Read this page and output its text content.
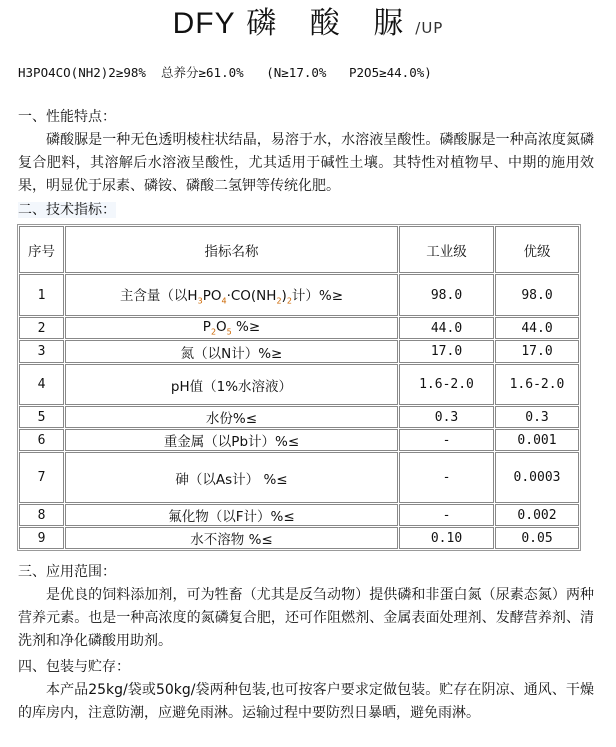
DFY 磷 酸 脲/UP
H3PO4CO(NH2)2≥98%  总养分≥61.0%   (N≥17.0%   P2O5≥44.0%)
一、性能特点：
磷酸脲是一种无色透明棱柱状结晶，易溶于水，水溶液呈酸性。磷酸脲是一种高浓度氮磷复合肥料，其溶解后水溶液呈酸性，尤其适用于碱性土壤。其特性对植物早、中期的施用效果，明显优于尿素、磷铵、磷酸二氢钾等传统化肥。
二、技术指标：
序号	指标名称	工业级	优级
1	主含量（以$H_3PO_4\cdot CO(NH_2)_2$计）%≥	98.0	98.0
2	$P_2O_5$ %≥	44.0	44.0
3	氮（以N计）%≥	17.0	17.0
4	pH值（1%水溶液）	1.6-2.0	1.6-2.0
5	水份%≤	0.3	0.3
6	重金属（以Pb计）%≤	-	0.001
7	砷（以As计） %≤	-	0.0003
8	氟化物（以F计）%≤	-	0.002
9	水不溶物 %≤	0.10	0.05
三、应用范围：
是优良的饲料添加剂，可为牲畜（尤其是反刍动物）提供磷和非蛋白氮（尿素态氮）两种营养元素。也是一种高浓度的氮磷复合肥，还可作阻燃剂、金属表面处理剂、发酵营养剂、清洗剂和净化磷酸用助剂。
四、包装与贮存：
本产品25kg/袋或50kg/袋两种包装,也可按客户要求定做包装。贮存在阴凉、通风、干燥的库房内，注意防潮，应避免雨淋。运输过程中要防烈日暴晒，避免雨淋。
